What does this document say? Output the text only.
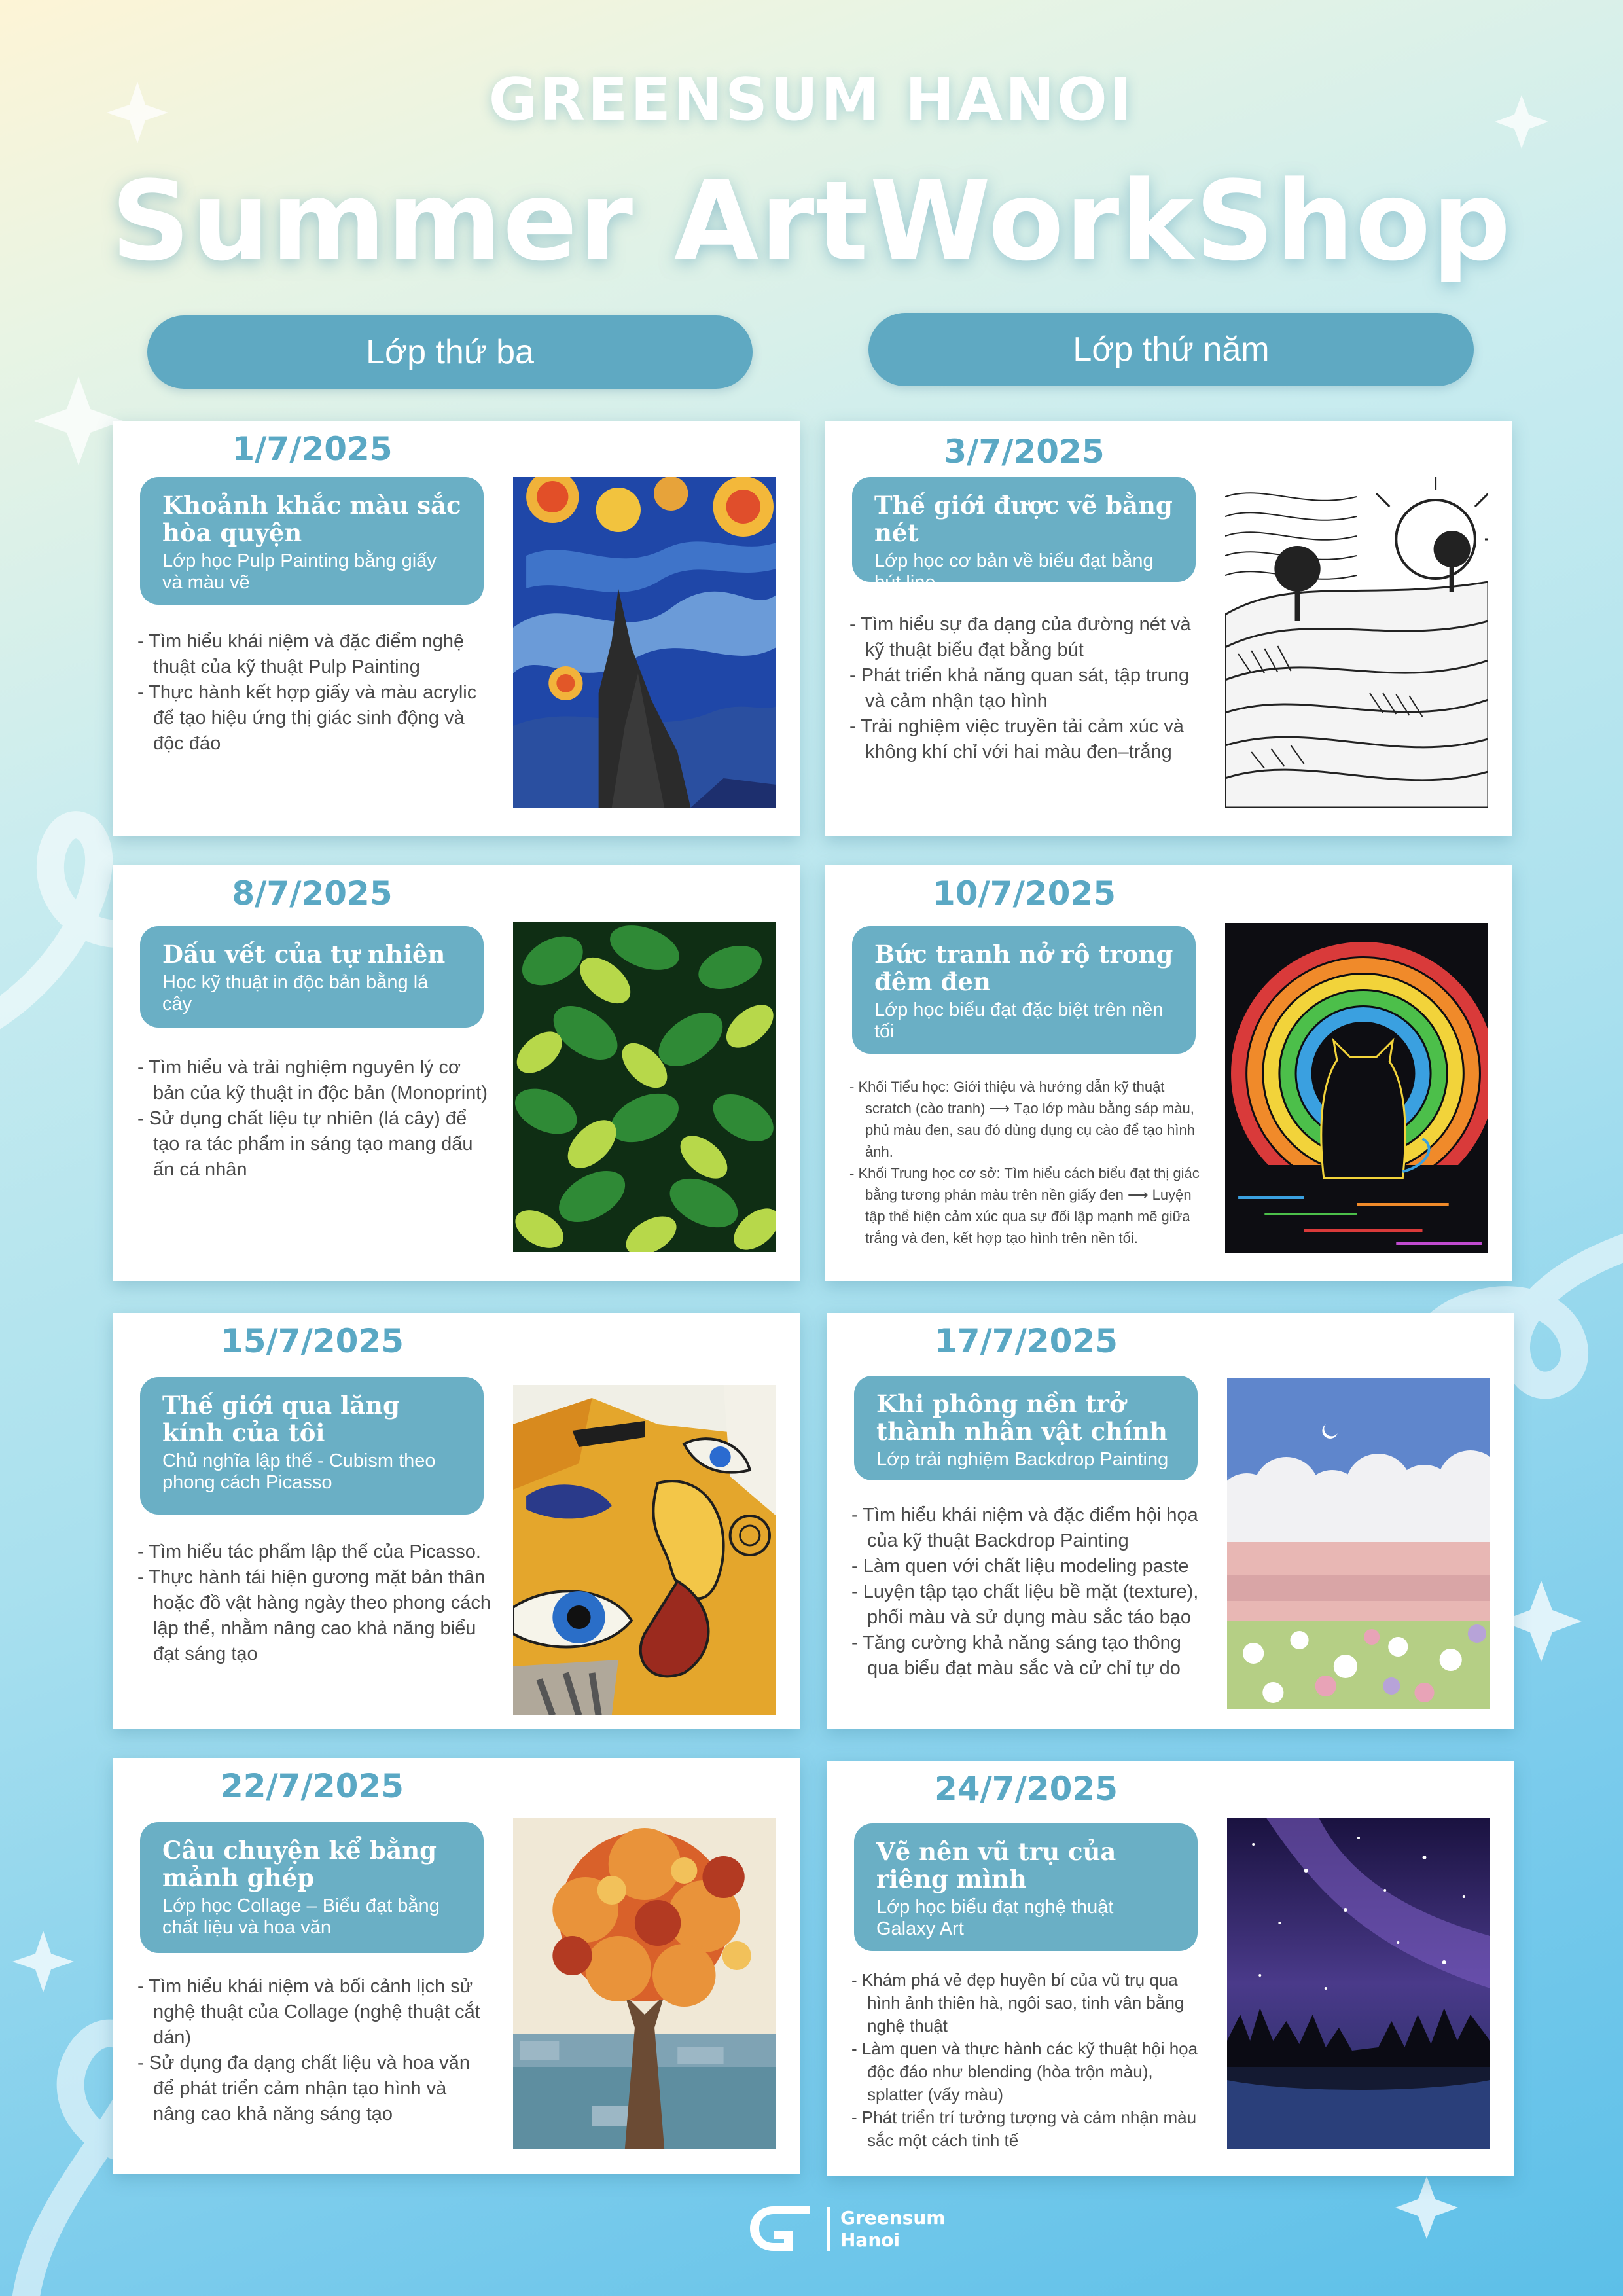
GREENSUM HANOI
Summer ArtWorkShop
Lớp thứ ba	Lớp thứ năm
1/7/2025
Khoảnh khắc màu sắc hòa quyện
Lớp học Pulp Painting bằng giấy và màu vẽ
- Tìm hiểu khái niệm và đặc điểm nghệ thuật của kỹ thuật Pulp Painting
- Thực hành kết hợp giấy và màu acrylic để tạo hiệu ứng thị giác sinh động và độc đáo
3/7/2025
Thế giới được vẽ bằng nét
Lớp học cơ bản về biểu đạt bằng bút line
- Tìm hiểu sự đa dạng của đường nét và kỹ thuật biểu đạt bằng bút
- Phát triển khả năng quan sát, tập trung và cảm nhận tạo hình
- Trải nghiệm việc truyền tải cảm xúc và không khí chỉ với hai màu đen–trắng
8/7/2025
Dấu vết của tự nhiên
Học kỹ thuật in độc bản bằng lá cây
- Tìm hiểu và trải nghiệm nguyên lý cơ bản của kỹ thuật in độc bản (Monoprint)
- Sử dụng chất liệu tự nhiên (lá cây) để tạo ra tác phẩm in sáng tạo mang dấu ấn cá nhân
10/7/2025
Bức tranh nở rộ trong đêm đen
Lớp học biểu đạt đặc biệt trên nền tối
- Khối Tiểu học: Giới thiệu và hướng dẫn kỹ thuật scratch (cào tranh) ⟶ Tạo lớp màu bằng sáp màu, phủ màu đen, sau đó dùng dụng cụ cào để tạo hình ảnh.
- Khối Trung học cơ sở: Tìm hiểu cách biểu đạt thị giác bằng tương phản màu trên nền giấy đen ⟶ Luyện tập thể hiện cảm xúc qua sự đối lập mạnh mẽ giữa trắng và đen, kết hợp tạo hình trên nền tối.
15/7/2025
Thế giới qua lăng kính của tôi
Chủ nghĩa lập thể - Cubism theo phong cách Picasso
- Tìm hiểu tác phẩm lập thể của Picasso.
- Thực hành tái hiện gương mặt bản thân hoặc đồ vật hàng ngày theo phong cách lập thể, nhằm nâng cao khả năng biểu đạt sáng tạo
17/7/2025
Khi phông nền trở thành nhân vật chính
Lớp trải nghiệm Backdrop Painting
- Tìm hiểu khái niệm và đặc điểm hội họa của kỹ thuật Backdrop Painting
- Làm quen với chất liệu modeling paste
- Luyện tập tạo chất liệu bề mặt (texture), phối màu và sử dụng màu sắc táo bạo
- Tăng cường khả năng sáng tạo thông qua biểu đạt màu sắc và cử chỉ tự do
22/7/2025
Câu chuyện kể bằng mảnh ghép
Lớp học Collage – Biểu đạt bằng chất liệu và hoa văn
- Tìm hiểu khái niệm và bối cảnh lịch sử nghệ thuật của Collage (nghệ thuật cắt dán)
- Sử dụng đa dạng chất liệu và hoa văn để phát triển cảm nhận tạo hình và nâng cao khả năng sáng tạo
24/7/2025
Vẽ nên vũ trụ của riêng mình
Lớp học biểu đạt nghệ thuật Galaxy Art
- Khám phá vẻ đẹp huyền bí của vũ trụ qua hình ảnh thiên hà, ngôi sao, tinh vân bằng nghệ thuật
- Làm quen và thực hành các kỹ thuật hội họa độc đáo như blending (hòa trộn màu), splatter (vẩy màu)
- Phát triển trí tưởng tượng và cảm nhận màu sắc một cách tinh tế
Greensum
Hanoi
